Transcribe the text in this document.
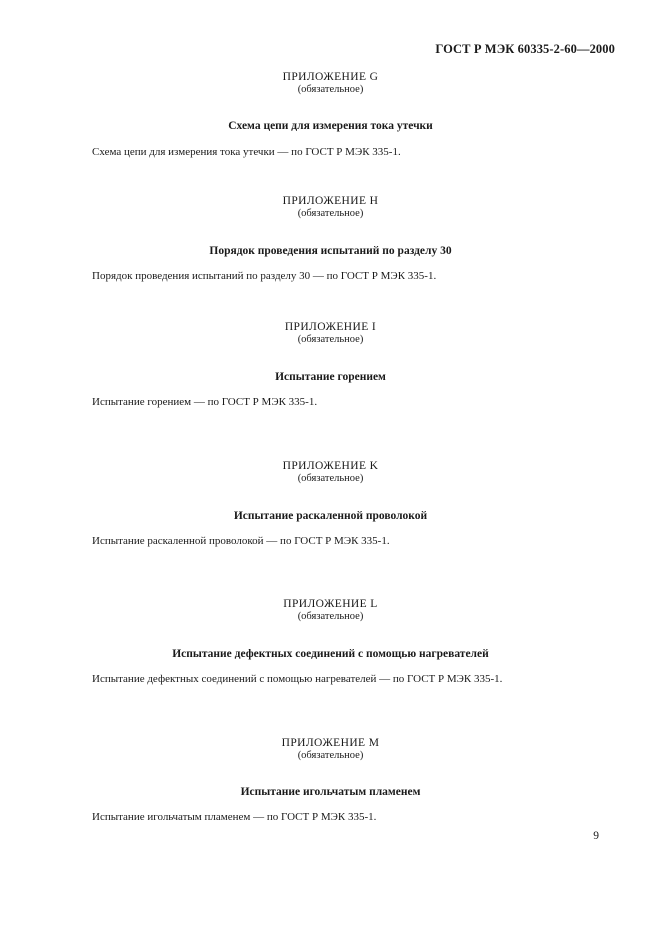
ГОСТ Р МЭК 60335-2-60—2000
ПРИЛОЖЕНИЕ G
(обязательное)
Схема цепи для измерения тока утечки
Схема цепи для измерения тока утечки — по ГОСТ Р МЭК 335-1.
ПРИЛОЖЕНИЕ H
(обязательное)
Порядок проведения испытаний по разделу 30
Порядок проведения испытаний по разделу 30 — по ГОСТ Р МЭК 335-1.
ПРИЛОЖЕНИЕ I
(обязательное)
Испытание горением
Испытание горением — по ГОСТ Р МЭК 335-1.
ПРИЛОЖЕНИЕ K
(обязательное)
Испытание раскаленной проволокой
Испытание раскаленной проволокой — по ГОСТ Р МЭК 335-1.
ПРИЛОЖЕНИЕ L
(обязательное)
Испытание дефектных соединений с помощью нагревателей
Испытание дефектных соединений с помощью нагревателей — по ГОСТ Р МЭК 335-1.
ПРИЛОЖЕНИЕ M
(обязательное)
Испытание игольчатым пламенем
Испытание игольчатым пламенем — по ГОСТ Р МЭК 335-1.
9
